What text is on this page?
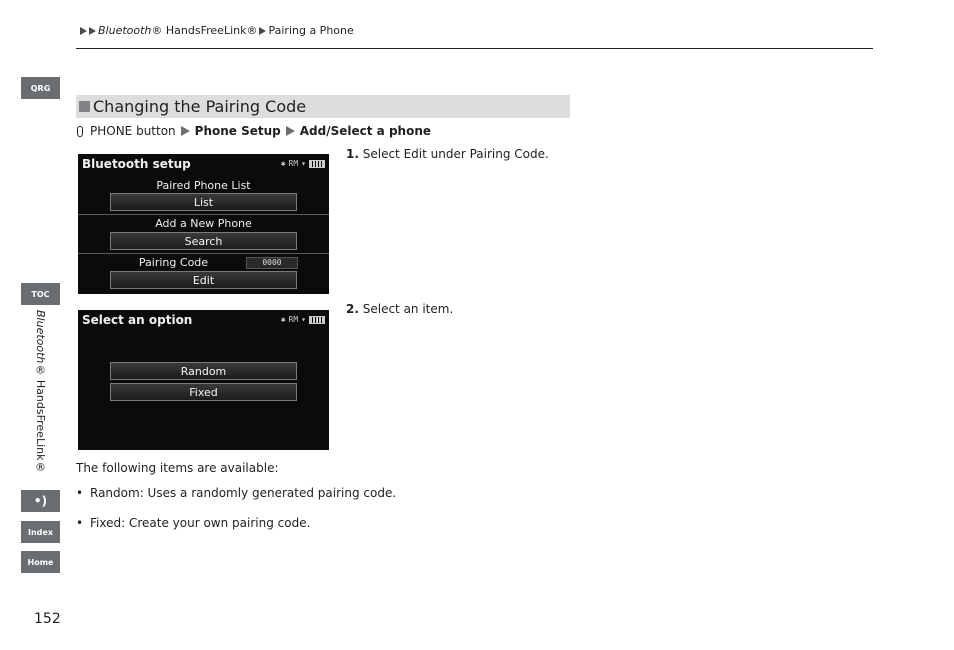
Bluetooth ® HandsFreeLink® Pairing a Phone
QRG
TOC
•)
Index
Home
Bluetooth® HandsFreeLink®
152
Changing the Pairing Code
PHONE button Phone Setup Add/Select a phone
Bluetooth setup	✱ RM ▾
Paired Phone List
List
Add a New Phone
Search
Pairing Code	0000
Edit
Select an option	✱ RM ▾
Random
Fixed
1. Select Edit under Pairing Code.
2. Select an item.
The following items are available:
• Random: Uses a randomly generated pairing code.
• Fixed: Create your own pairing code.
